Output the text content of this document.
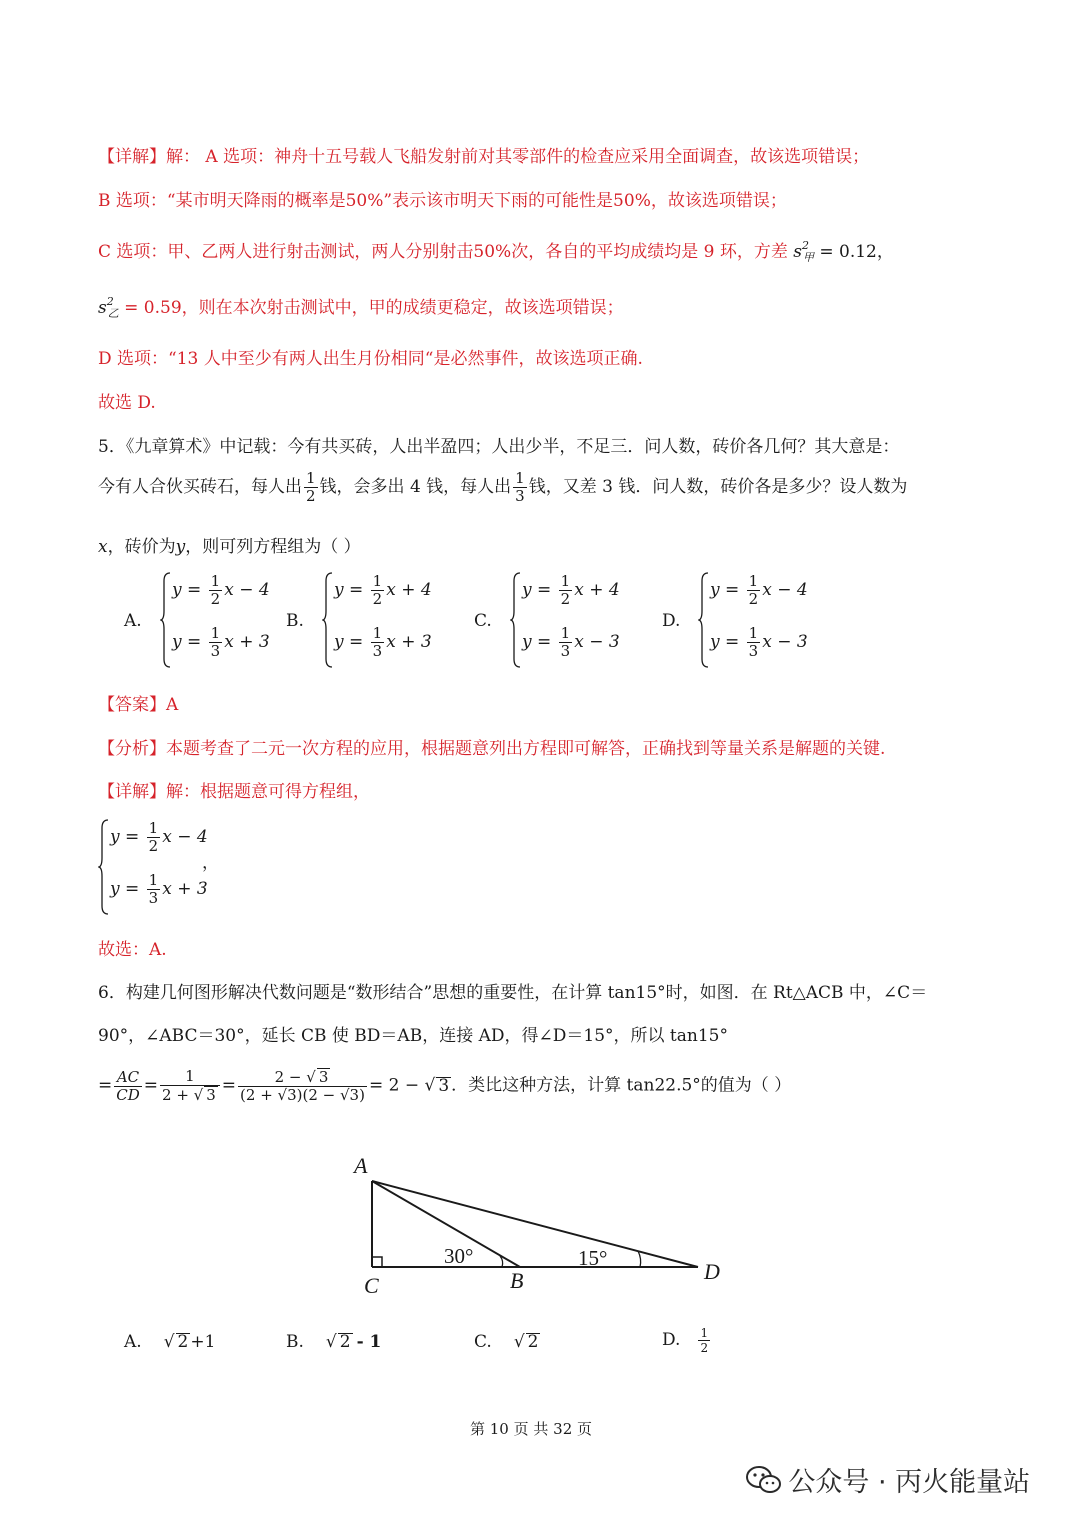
【详解】解： A 选项：神舟十五号载人飞船发射前对其零部件的检查应采用全面调查，故该选项错误；
B 选项：“某市明天降雨的概率是50%”表示该市明天下雨的可能性是50%，故该选项错误；
C 选项：甲、乙两人进行射击测试，两人分别射击50%次，各自的平均成绩均是 9 环，方差 $s^2_甲 = 0.12$，
$s^2_乙 = 0.59$，则在本次射击测试中，甲的成绩更稳定，故该选项错误；
D 选项：“13 人中至少有两人出生月份相同“是必然事件，故该选项正确.
故选 D.
5．《九章算术》中记载：今有共买砖，人出半盈四；人出少半，不足三．问人数，砖价各几何？其大意是：
今有人合伙买砖石，每人出 $\frac{1}{2}$ 钱，会多出 4 钱，每人出 $\frac{1}{3}$ 钱，又差 3 钱．问人数，砖价各是多少？设人数为
x，砖价为y，则可列方程组为（ ）
A.
$y = \frac{1}{2}$ x − 4
$y = \frac{1}{3}$ x + 3
B.
$y = \frac{1}{2}$ x + 4
$y = \frac{1}{3}$ x + 3
C.
$y = \frac{1}{2}$ x + 4
$y = \frac{1}{3}$ x − 3
D.
$y = \frac{1}{2}$ x − 4
$y = \frac{1}{3}$ x − 3
【答案】A
【分析】本题考查了二元一次方程的应用，根据题意列出方程即可解答，正确找到等量关系是解题的关键.
【详解】解：根据题意可得方程组，
$y = \frac{1}{2}$ x − 4
$y = \frac{1}{3}$ x + 3
，
故选：A.
6．构建几何图形解决代数问题是“数形结合”思想的重要性，在计算 tan15°时，如图．在 Rt△ACB 中，∠C＝
90°，∠ABC＝30°，延长 CB 使 BD＝AB，连接 AD，得∠D＝15°，所以 tan15°
= $\frac{AC}{CD} = \frac{1}{2 + √ 3} = \frac{2 - √ 3}{(2 + √3)(2 - √3)} = 2$ − √ 3 ．类比这种方法，计算 tan22.5°的值为（ ）
A
C	B	D
30°	15°
A. √ 2 +1	B. √ 2 - 1	C. √ 2	D. $\frac{1}{2}$
第 10 页 共 32 页
公众号 · 丙火能量站
